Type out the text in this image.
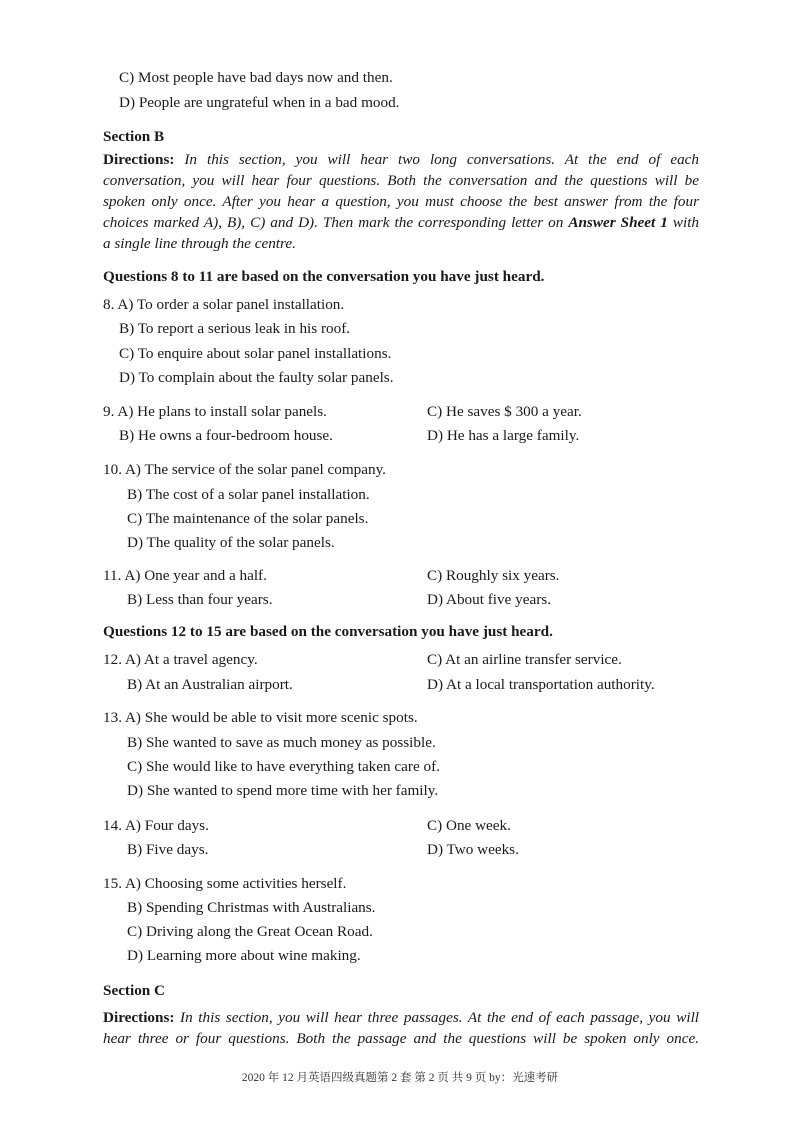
C) Most people have bad days now and then.
D) People are ungrateful when in a bad mood.
Section B
Directions: In this section, you will hear two long conversations. At the end of each
conversation, you will hear four questions. Both the conversation and the questions will be
spoken only once. After you hear a question, you must choose the best answer from the four
choices marked A), B), C) and D). Then mark the corresponding letter on Answer Sheet 1 with
a single line through the centre.
Questions 8 to 11 are based on the conversation you have just heard.
8. A) To order a solar panel installation.
B) To report a serious leak in his roof.
C) To enquire about solar panel installations.
D) To complain about the faulty solar panels.
9. A) He plans to install solar panels.	C) He saves $ 300 a year.
B) He owns a four-bedroom house.	D) He has a large family.
10. A) The service of the solar panel company.
B) The cost of a solar panel installation.
C) The maintenance of the solar panels.
D) The quality of the solar panels.
11. A) One year and a half.	C) Roughly six years.
B) Less than four years.	D) About five years.
Questions 12 to 15 are based on the conversation you have just heard.
12. A) At a travel agency.	C) At an airline transfer service.
B) At an Australian airport.	D) At a local transportation authority.
13. A) She would be able to visit more scenic spots.
B) She wanted to save as much money as possible.
C) She would like to have everything taken care of.
D) She wanted to spend more time with her family.
14. A) Four days.	C) One week.
B) Five days.	D) Two weeks.
15. A) Choosing some activities herself.
B) Spending Christmas with Australians.
C) Driving along the Great Ocean Road.
D) Learning more about wine making.
Section C
Directions: In this section, you will hear three passages. At the end of each passage, you will
hear three or four questions. Both the passage and the questions will be spoken only once.
2020 年 12 月英语四级真题第 2 套 第 2 页 共 9 页 by：光速考研
